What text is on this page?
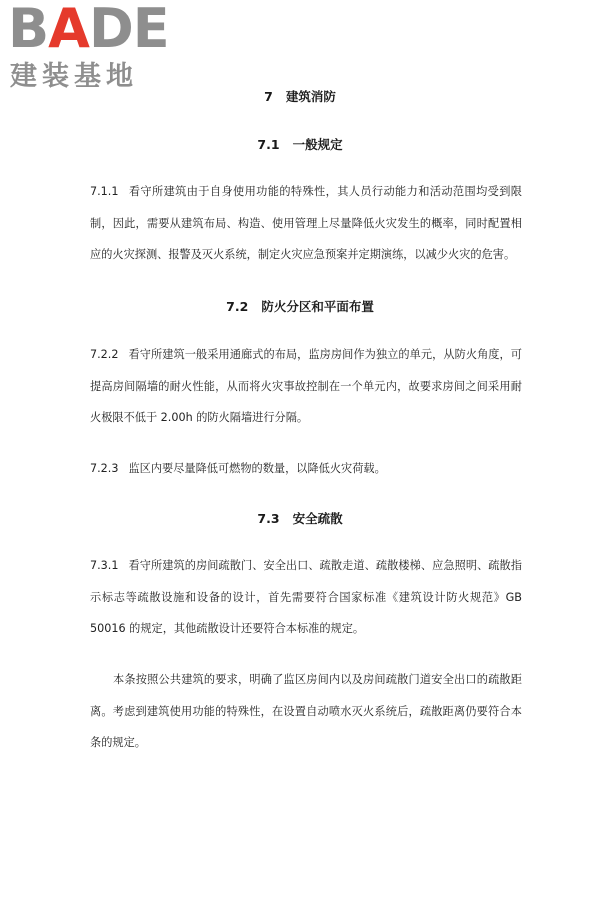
BADE
建装基地
7 建筑消防
7.1 一般规定

7.1.1 看守所建筑由于自身使用功能的特殊性，其人员行动能力和活动范围均受到限制，因此，需要从建筑布局、构造、使用管理上尽量降低火灾发生的概率，同时配置相应的火灾探测、报警及灭火系统，制定火灾应急预案并定期演练，以减少火灾的危害。

7.2 防火分区和平面布置

7.2.2 看守所建筑一般采用通廊式的布局，监房房间作为独立的单元，从防火角度，可提高房间隔墙的耐火性能，从而将火灾事故控制在一个单元内，故要求房间之间采用耐火极限不低于 2.00h 的防火隔墙进行分隔。

7.2.3 监区内要尽量降低可燃物的数量，以降低火灾荷载。

7.3 安全疏散

7.3.1 看守所建筑的房间疏散门、安全出口、疏散走道、疏散楼梯、应急照明、疏散指示标志等疏散设施和设备的设计，首先需要符合国家标准《建筑设计防火规范》GB 50016 的规定，其他疏散设计还要符合本标准的规定。

本条按照公共建筑的要求，明确了监区房间内以及房间疏散门道安全出口的疏散距离。考虑到建筑使用功能的特殊性，在设置自动喷水灭火系统后，疏散距离仍要符合本条的规定。
